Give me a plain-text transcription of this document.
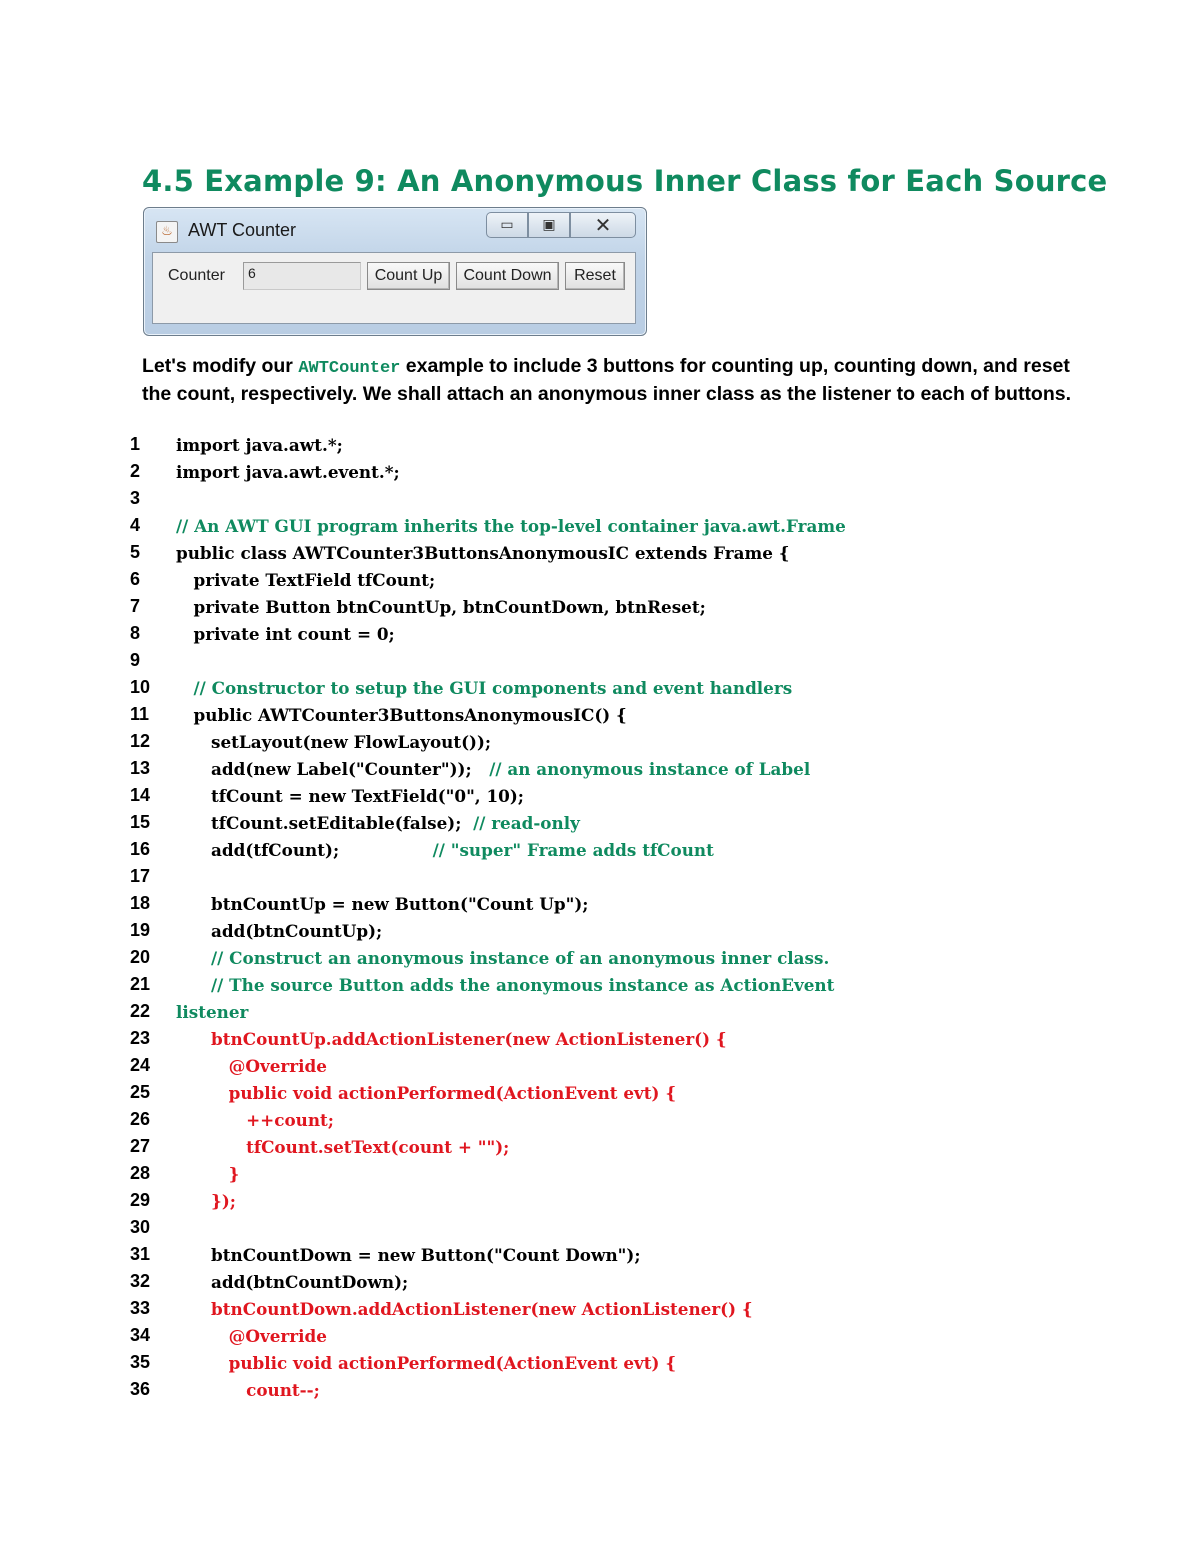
4.5 Example 9: An Anonymous Inner Class for Each Source
♨ AWT Counter	▭	▣	✕
Counter	6	Count Up	Count Down	Reset

Let's modify our AWTCounter example to include 3 buttons for counting up, counting down, and reset the count, respectively. We shall attach an anonymous inner class as the listener to each of buttons.

1	import java.awt.*;
2	import java.awt.event.*;
3
4	// An AWT GUI program inherits the top-level container java.awt.Frame
5	public class AWTCounter3ButtonsAnonymousIC extends Frame {
6	private TextField tfCount;
7	private Button btnCountUp, btnCountDown, btnReset;
8	private int count = 0;
9
10	// Constructor to setup the GUI components and event handlers
11	public AWTCounter3ButtonsAnonymousIC() {
12	setLayout(new FlowLayout());
13	add(new Label("Counter"));   // an anonymous instance of Label
14	tfCount = new TextField("0", 10);
15	tfCount.setEditable(false);  // read-only
16	add(tfCount);                // "super" Frame adds tfCount
17
18	btnCountUp = new Button("Count Up");
19	add(btnCountUp);
20	// Construct an anonymous instance of an anonymous inner class.
21	// The source Button adds the anonymous instance as ActionEvent
22	listener
23	btnCountUp.addActionListener(new ActionListener() {
24	@Override
25	public void actionPerformed(ActionEvent evt) {
26	++count;
27	tfCount.setText(count + "");
28	}
29	});
30
31	btnCountDown = new Button("Count Down");
32	add(btnCountDown);
33	btnCountDown.addActionListener(new ActionListener() {
34	@Override
35	public void actionPerformed(ActionEvent evt) {
36	count--;
